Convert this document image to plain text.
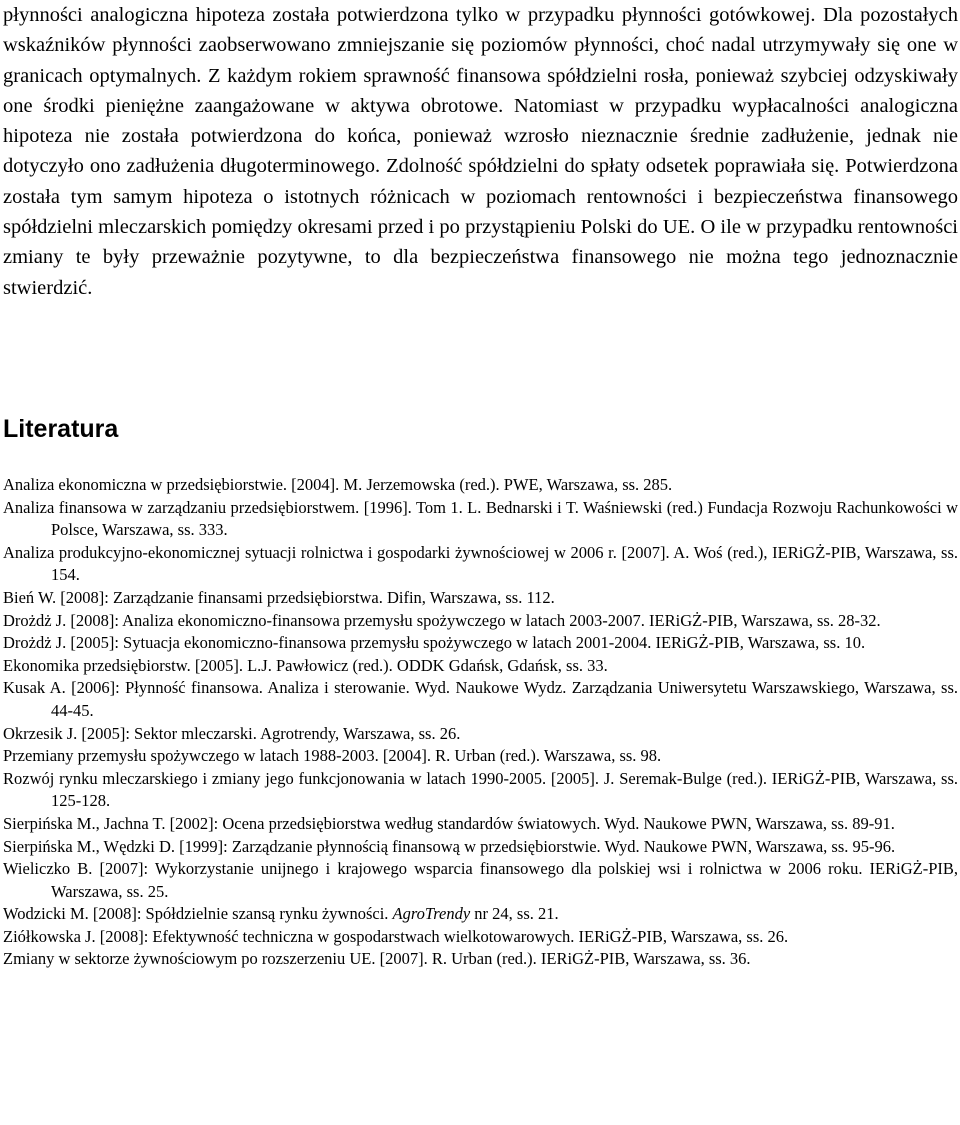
płynności analogiczna hipoteza została potwierdzona tylko w przypadku płynności gotówkowej. Dla pozostałych wskaźników płynności zaobserwowano zmniejszanie się poziomów płynności, choć nadal utrzymywały się one w granicach optymalnych. Z każdym rokiem sprawność finansowa spółdzielni rosła, ponieważ szybciej odzyskiwały one środki pieniężne zaangażowane w aktywa obrotowe. Natomiast w przypadku wypłacalności analogiczna hipoteza nie została potwierdzona do końca, ponieważ wzrosło nieznacznie średnie zadłużenie, jednak nie dotyczyło ono zadłużenia długoterminowego. Zdolność spółdzielni do spłaty odsetek poprawiała się. Potwierdzona została tym samym hipoteza o istotnych różnicach w poziomach rentowności i bezpieczeństwa finansowego spółdzielni mleczarskich pomiędzy okresami przed i po przystąpieniu Polski do UE. O ile w przypadku rentowności zmiany te były przeważnie pozytywne, to dla bezpieczeństwa finansowego nie można tego jednoznacznie stwierdzić.

Literatura
Analiza ekonomiczna w przedsiębiorstwie. [2004]. M. Jerzemowska (red.). PWE, Warszawa, ss. 285.
Analiza finansowa w zarządzaniu przedsiębiorstwem. [1996]. Tom 1. L. Bednarski i T. Waśniewski (red.) Fundacja Rozwoju Rachunkowości w Polsce, Warszawa, ss. 333.
Analiza produkcyjno-ekonomicznej sytuacji rolnictwa i gospodarki żywnościowej w 2006 r. [2007]. A. Woś (red.), IERiGŻ-PIB, Warszawa, ss. 154.
Bień W. [2008]: Zarządzanie finansami przedsiębiorstwa. Difin, Warszawa, ss. 112.
Drożdż J. [2008]: Analiza ekonomiczno-finansowa przemysłu spożywczego w latach 2003-2007. IERiGŻ-PIB, Warszawa, ss. 28-32.
Drożdż J. [2005]: Sytuacja ekonomiczno-finansowa przemysłu spożywczego w latach 2001-2004. IERiGŻ-PIB, Warszawa, ss. 10.
Ekonomika przedsiębiorstw. [2005]. L.J. Pawłowicz (red.). ODDK Gdańsk, Gdańsk, ss. 33.
Kusak A. [2006]: Płynność finansowa. Analiza i sterowanie. Wyd. Naukowe Wydz. Zarządzania Uniwersytetu Warszawskiego, Warszawa, ss. 44-45.
Okrzesik J. [2005]: Sektor mleczarski. Agrotrendy, Warszawa, ss. 26.
Przemiany przemysłu spożywczego w latach 1988-2003. [2004]. R. Urban (red.). Warszawa, ss. 98.
Rozwój rynku mleczarskiego i zmiany jego funkcjonowania w latach 1990-2005. [2005]. J. Seremak-Bulge (red.). IERiGŻ-PIB, Warszawa, ss. 125-128.
Sierpińska M., Jachna T. [2002]: Ocena przedsiębiorstwa według standardów światowych. Wyd. Naukowe PWN, Warszawa, ss. 89-91.
Sierpińska M., Wędzki D. [1999]: Zarządzanie płynnością finansową w przedsiębiorstwie. Wyd. Naukowe PWN, Warszawa, ss. 95-96.
Wieliczko B. [2007]: Wykorzystanie unijnego i krajowego wsparcia finansowego dla polskiej wsi i rolnictwa w 2006 roku. IERiGŻ-PIB, Warszawa, ss. 25.
Wodzicki M. [2008]: Spółdzielnie szansą rynku żywności. AgroTrendy nr 24, ss. 21.
Ziółkowska J. [2008]: Efektywność techniczna w gospodarstwach wielkotowarowych. IERiGŻ-PIB, Warszawa, ss. 26.
Zmiany w sektorze żywnościowym po rozszerzeniu UE. [2007]. R. Urban (red.). IERiGŻ-PIB, Warszawa, ss. 36.
